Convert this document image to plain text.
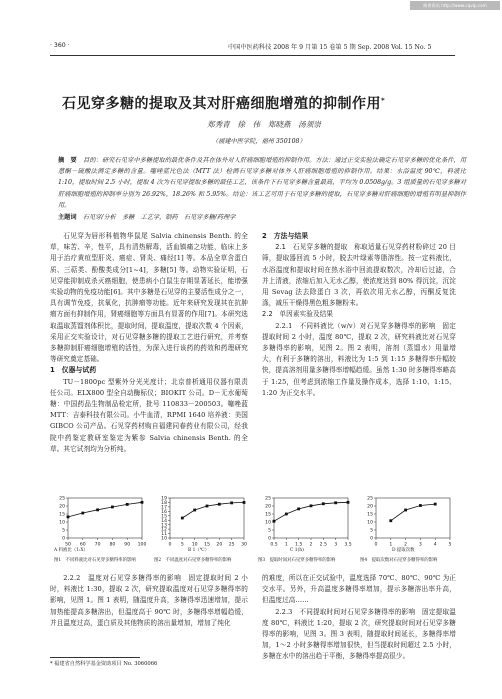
维普资讯 http://www.cqvip.com
· 360 ·	中国中医药科技 2008 年 9 月第 15 卷第 5 期 Sep. 2008 Vol. 15 No. 5
石见穿多糖的提取及其对肝癌细胞增殖的抑制作用*
郑秀青　徐　伟　郑晓燕　汤须崇
（福建中医学院，福州 350108）
摘　要　 目的：研究石见穿中多糖提取的最优条件及其在体外对人肝癌细胞增殖的抑制作用。方法：通过正交实验法确定石见穿多糖的优化条件，用蒽酮－硫酸法测定多糖的含量。噻唑蓝比色法（MTT 法）检测石见穿多糖对体外人肝癌细胞增殖的抑制作用。结果：水浴温度 90℃，料液比 1:10，提取时间 2.5 小时，提取 4 次为石见穿提取多糖的最佳工艺，该条件下石见穿多糖含量最高，平均为 0.0508g/g。3 组质量的石见穿多糖对肝癌细胞增殖的抑制率分别为 26.92%，18.26% 和 5.95%。结论：该工艺可用于石见穿多糖的提取，石见穿多糖对肝癌细胞的增殖有明显抑制作用。
主题词　 石见穿/分析　多糖　工艺学，制药　石见穿多糖/药理学

石见穿为唇形科植物华鼠尾 Salvia chinensis Benth. 的全草，味苦、辛，性平，具有清热解毒，活血镇痛之功能，临床上多用于治疗黄疸型肝炎、癌症、肾炎、痛经[1] 等。本品全草含蛋白质、三萜类、酚酸类成分[1~4]，多糖[5] 等。动物实验证明，石见穿能抑制成杀灭癌细胞，使患病小白鼠生存期显著延长，能增强实验动物的免疫功能[6]。其中多糖是石见穿的主要活性成分之一，具有调节免疫，抗氧化，抗肿瘤等功能。近年来研究发现其在抗肿瘤方面有抑制作用，肾癌细胞等方面具有显著的作用[7]。本研究选取温取蒸馏剂体积比，提取时间，提取温度，提取次数 4 个因素，采用正交实验设计，对石见穿糖多糖的提取工艺进行研究，并考察多糖抑制肝癌细胞增殖的活性，为深入进行该药的药效和药理研究等研究奠定基础。

1　仪器与试药

TU－1800pc 型紫外分光光度计；北京普析通用仪器有限责任公司。ELX800 型全自动酶标仪；BIOKIT 公司。D－无水葡萄糖：中国药品生物制品检定所，批号 110833－200503。噻唑蓝 MTT：吉泰科技有限公司。小牛血清，RPMI 1640 培养液：美国 GIBCO 公司产品。石见穿药材购自福建同春药业有限公司，经我院中药鉴定教研室鉴定为紫参 Salvia chinensis Benth. 的全草。其它试剂均为分析纯。

2　方法与结果

2.1　石见穿多糖的提取　 称取适量石见穿药材粉碎过 20 目筛，提取器回流 5 小时，脱去叶绿素等脂溶性。按一定料液比，水浴温度和提取时间在热水浴中回流提取数次，冷却后过滤，合并上清液，浓缩后加入无水乙醇，使浓度达到 80% 得沉淀，沉淀用 Sevag 法去除蛋白 3 次，再依次用无水乙醇，丙酮反复洗涤，减压干燥得黑色粗多糖粉末。

2.2　单因素实验及结果

2.2.1　不同料液比（w/v）对石见穿多糖得率的影响　固定提取时间 2 小时，温度 80℃，提取 2 次，研究料液比对石见穿多糖得率的影响，见图 2。图 2 表明，溶剂（蒸馏水）用量增大，有利于多糖的溶出，料液比为 1:5 到 1:15 多糖得率升幅较快，提高溶剂用量多糖得率增幅趋缓。虽然 1:30 时多糖得率略高于 1:25，但考虑到浓缩工作量及操作成本，选择 1:10、1:15、1:20 为正交水平。

0
5
10
15
20
25
50 60 70 80 90 100
10
11
12
13
14
15
16
17
18
19
0 5 10 15 20 25 30
0
5
10
15
20
25
0.5 1 1.5 2 2.5 3 3.5
0
5
10
15
20
25
0	1	2	3	4	5
A 料液比（1:X）	B 1（℃）	C 1(h)	D 提取次数
图1　不同料液比对石见穿多糖得率的影响	图2　不同温度对石见穿多糖得率的影响	图3　提取时间对石见穿多糖得率的影响	图4　提取次数对石见穿多糖得率的影响

2.2.2　温度对石见穿多糖得率的影响　固定提取时间 2 小时，料液比 1:30，提取 2 次，研究提取温度对石见穿多糖得率的影响，见图 1。图 1 表明，随温度升高，多糖得率迅速增加，提示加热能提高多糖溶出，但温度高于 90℃ 时，多糖得率增幅趋缓，并且温度过高，蛋白质及其他物质的溶出量增加，增加了纯化

* 福建省自然科学基金资助项目 No. 3060066

的难度，所以在正交试验中，温度选择 70℃、80℃、90℃ 为正交水平。另外，升高温度多糖得率增加，提示多糖溶出率升高，但温度过高……

2.2.3　不同提取时间对石见穿多糖得率的影响　固定提取温度 80℃，料液比 1:20，提取 2 次，研究提取时间对石见穿多糖得率的影响，见图 3。图 3 表明，随提取时间延长，多糖得率增加，1～2 小时多糖得率增加很快，但当提取时间超过 2.5 小时，多糖在水中的溶出趋于平衡，多糖得率提高很少。
